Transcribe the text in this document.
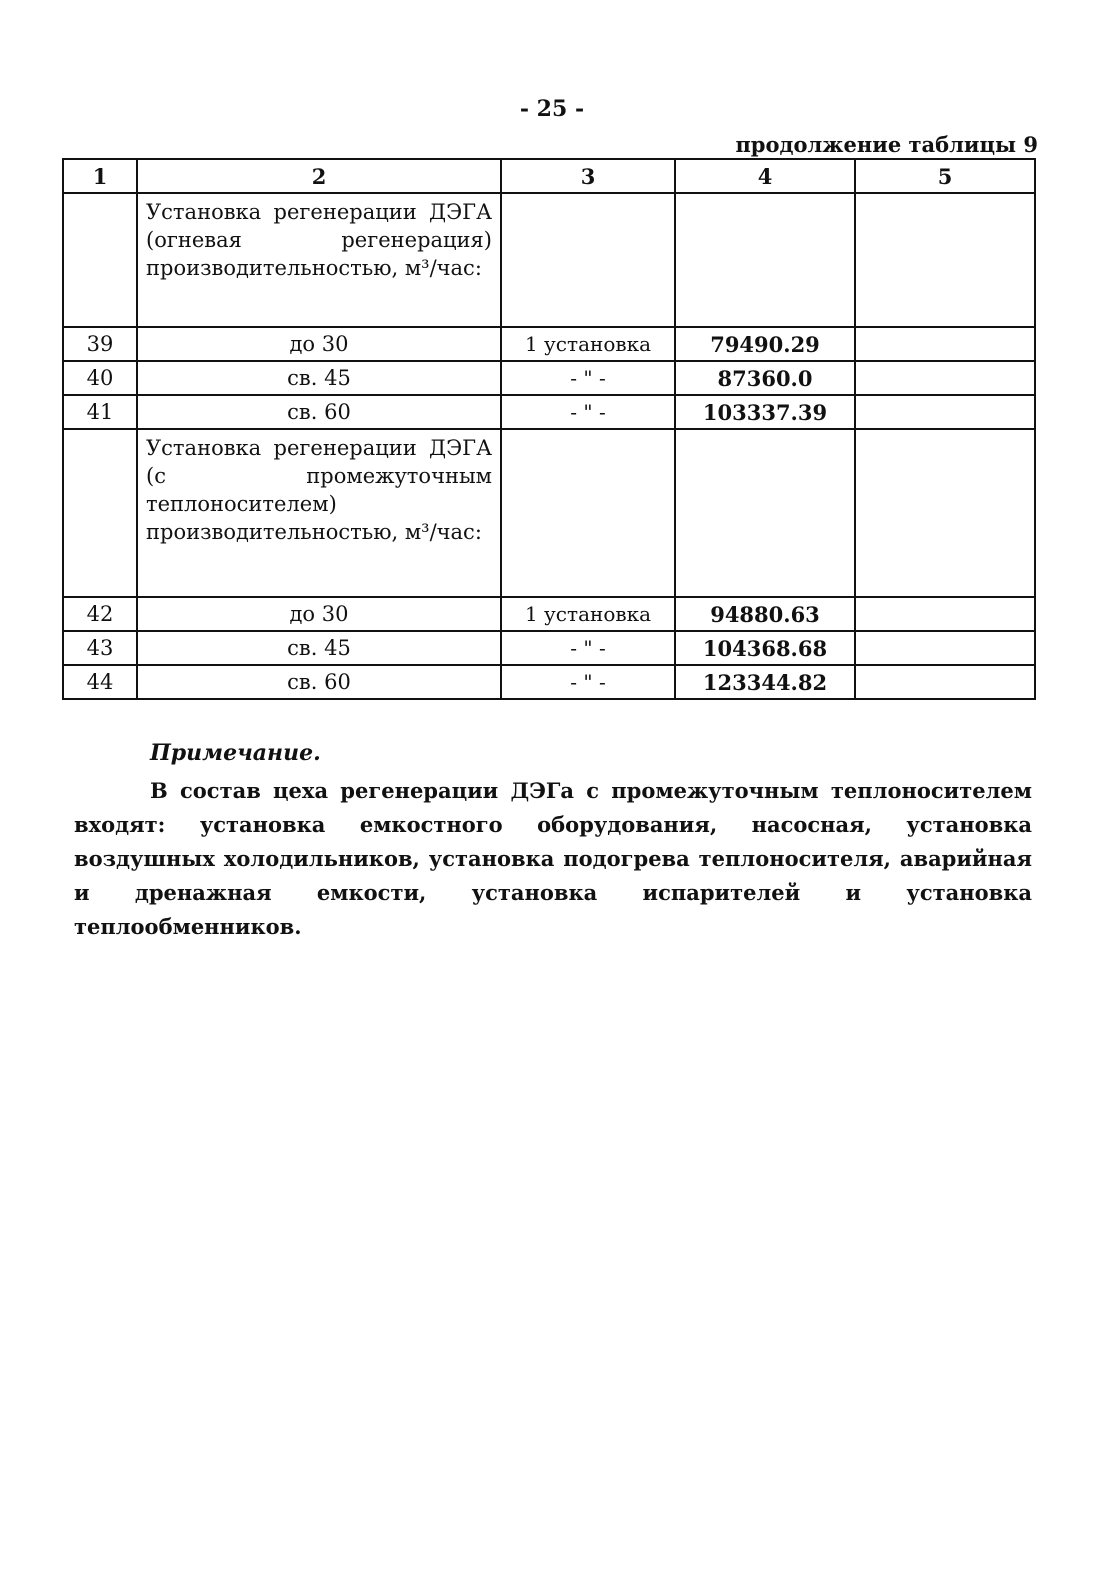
- 25 -
продолжение таблицы 9
1	2	3	4	5
	Установка регенерации ДЭГА (огневая регенерация) производительностью, м³/час:			
39	до 30	1 установка	79490.29	
40	св. 45	- " -	87360.0	
41	св. 60	- " -	103337.39	
	Установка регенерации ДЭГА (с промежуточным теплоносителем) производительностью, м³/час:			
42	до 30	1 установка	94880.63	
43	св. 45	- " -	104368.68	
44	св. 60	- " -	123344.82	
Примечание.
В состав цеха регенерации ДЭГа с промежуточным теплоносителем входят: установка емкостного оборудования, насосная, установка воздушных холодильников, установка подогрева теплоносителя, аварийная и дренажная емкости, установка испарителей и установка теплообменников.
